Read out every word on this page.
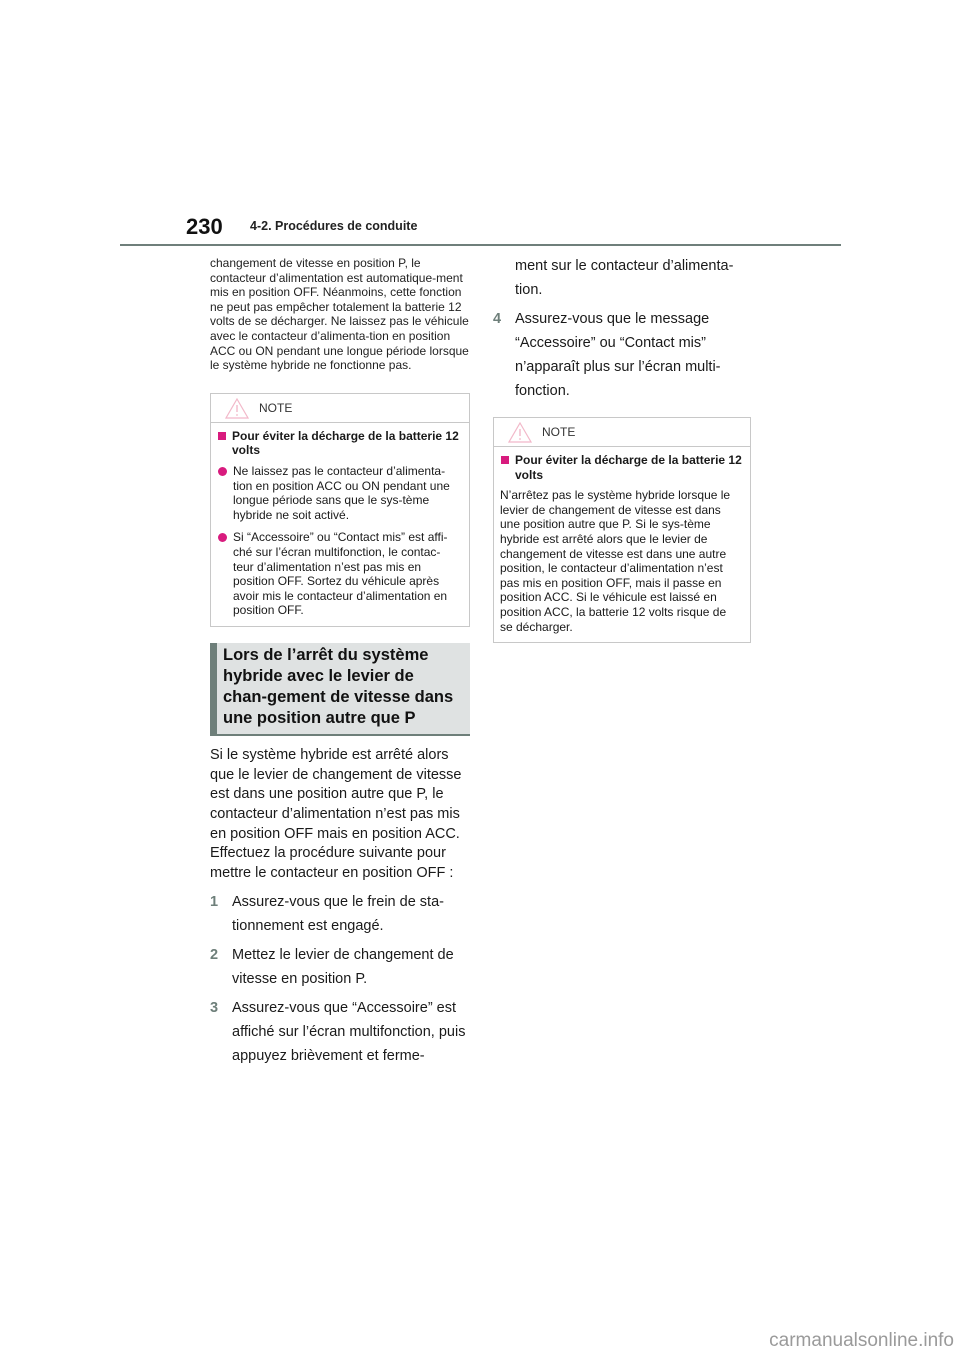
230 4-2. Procédures de conduite

changement de vitesse en position P, le contacteur d’alimentation est automatique-ment mis en position OFF. Néanmoins, cette fonction ne peut pas empêcher totalement la batterie 12 volts de se décharger. Ne laissez pas le véhicule avec le contacteur d’alimenta-tion en position ACC ou ON pendant une longue période lorsque le système hybride ne fonctionne pas.

NOTE
Pour éviter la décharge de la batterie 12 volts
Ne laissez pas le contacteur d’alimenta-tion en position ACC ou ON pendant une longue période sans que le sys-tème hybride ne soit activé.
Si “Accessoire” ou “Contact mis” est affi-ché sur l’écran multifonction, le contac-teur d’alimentation n’est pas mis en position OFF. Sortez du véhicule après avoir mis le contacteur d’alimentation en position OFF.
Lors de l’arrêt du système hybride avec le levier de chan-gement de vitesse dans une position autre que P

Si le système hybride est arrêté alors que le levier de changement de vitesse est dans une position autre que P, le contacteur d’alimentation n’est pas mis en position OFF mais en position ACC. Effectuez la procédure suivante pour mettre le contacteur en position OFF :

1 Assurez-vous que le frein de sta-tionnement est engagé.
2 Mettez le levier de changement de vitesse en position P.
3 Assurez-vous que “Accessoire” est affiché sur l’écran multifonction, puis appuyez brièvement et ferme-

ment sur le contacteur d’alimenta-tion.

4 Assurez-vous que le message “Accessoire” ou “Contact mis” n’apparaît plus sur l’écran multi-fonction.
NOTE
Pour éviter la décharge de la batterie 12 volts

N’arrêtez pas le système hybride lorsque le levier de changement de vitesse est dans une position autre que P. Si le sys-tème hybride est arrêté alors que le levier de changement de vitesse est dans une autre position, le contacteur d’alimentation n’est pas mis en position OFF, mais il passe en position ACC. Si le véhicule est laissé en position ACC, la batterie 12 volts risque de se décharger.

carmanualsonline.info
